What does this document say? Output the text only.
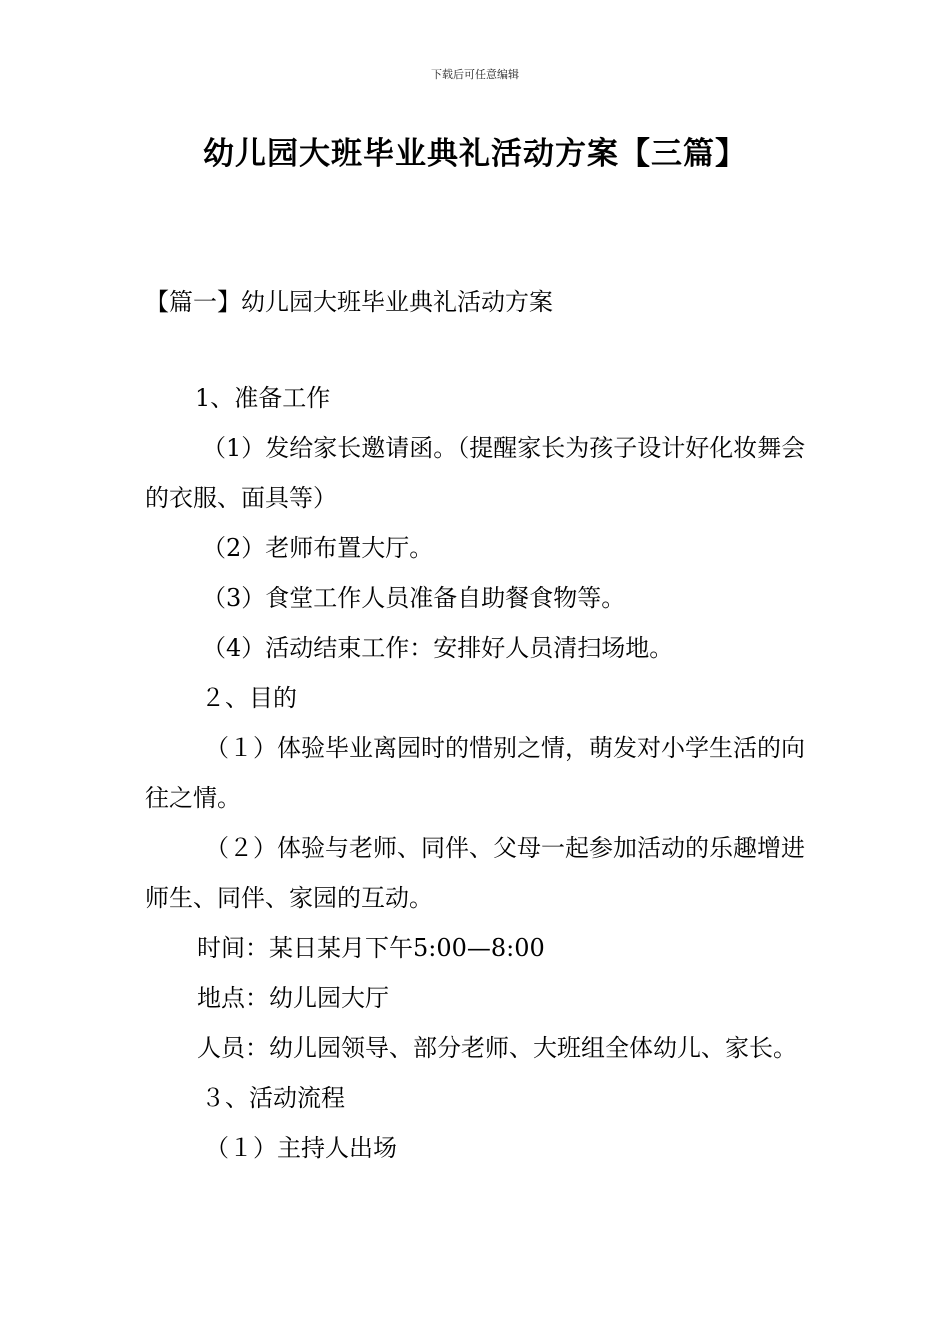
下载后可任意编辑
幼儿园大班毕业典礼活动方案【三篇】
【篇一】幼儿园大班毕业典礼活动方案

1、准备工作

（1）发给家长邀请函。（提醒家长为孩子设计好化妆舞会的衣服、面具等）

（2）老师布置大厅。

（3）食堂工作人员准备自助餐食物等。

（4）活动结束工作：安排好人员清扫场地。

２、目的

（１）体验毕业离园时的惜别之情，萌发对小学生活的向往之情。

（２）体验与老师、同伴、父母一起参加活动的乐趣增进师生、同伴、家园的互动。

时间：某日某月下午5:00—8:00

地点：幼儿园大厅

人员：幼儿园领导、部分老师、大班组全体幼儿、家长。

３、活动流程

（１）主持人出场
